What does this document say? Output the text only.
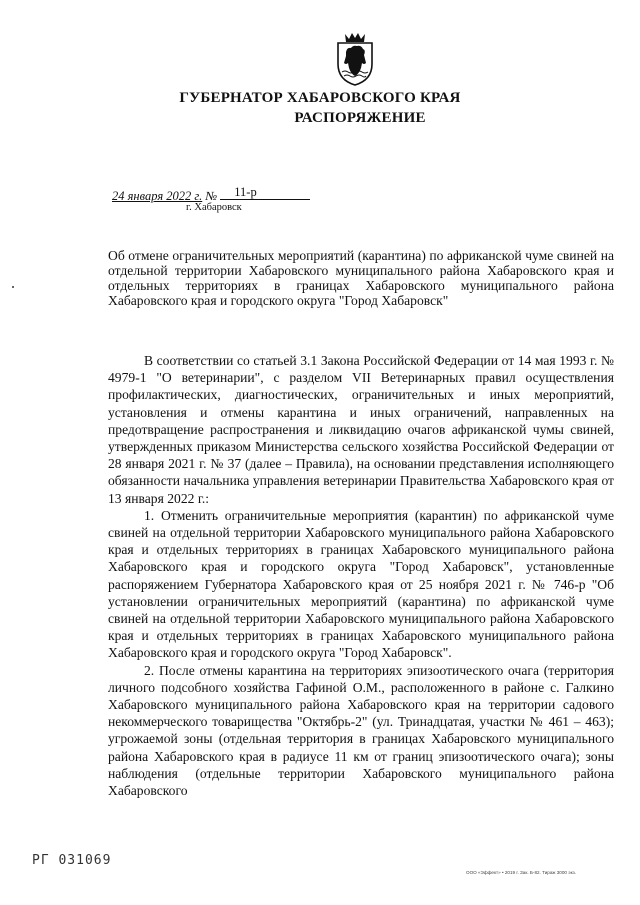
ГУБЕРНАТОР ХАБАРОВСКОГО КРАЯ
РАСПОРЯЖЕНИЕ
24 января 2022 г. № 11-р
г. Хабаровск
Об отмене ограничительных мероприятий (карантина) по африканской чуме свиней на отдельной территории Хабаровского муниципального района Хабаровского края и отдельных территориях в границах Хабаровского муниципального района Хабаровского края и городского округа "Город Хабаровск"

В соответствии со статьей 3.1 Закона Российской Федерации от 14 мая 1993 г. № 4979-1 "О ветеринарии", с разделом VII Ветеринарных правил осуществления профилактических, диагностических, ограничительных и иных мероприятий, установления и отмены карантина и иных ограничений, направленных на предотвращение распространения и ликвидацию очагов африканской чумы свиней, утвержденных приказом Министерства сельского хозяйства Российской Федерации от 28 января 2021 г. № 37 (далее – Правила), на основании представления исполняющего обязанности начальника управления ветеринарии Правительства Хабаровского края от 13 января 2022 г.:

1. Отменить ограничительные мероприятия (карантин) по африканской чуме свиней на отдельной территории Хабаровского муниципального района Хабаровского края и отдельных территориях в границах Хабаровского муниципального района Хабаровского края и городского округа "Город Хабаровск", установленные распоряжением Губернатора Хабаровского края от 25 ноября 2021 г. № 746-р "Об установлении ограничительных мероприятий (карантина) по африканской чуме свиней на отдельной территории Хабаровского муниципального района Хабаровского края и отдельных территориях в границах Хабаровского муниципального района Хабаровского края и городского округа "Город Хабаровск".

2. После отмены карантина на территориях эпизоотического очага (территория личного подсобного хозяйства Гафиной О.М., расположенного в районе с. Галкино Хабаровского муниципального района Хабаровского края на территории садового некоммерческого товарищества "Октябрь-2" (ул. Тринадцатая, участки № 461 – 463); угрожаемой зоны (отдельная территория в границах Хабаровского муниципального района Хабаровского края в радиусе 11 км от границ эпизоотического очага); зоны наблюдения (отдельные территории Хабаровского муниципального района Хабаровского

РГ 031069
ООО «Эффект» • 2019 г. Зак. Б-82. Тираж 3000 экз.
